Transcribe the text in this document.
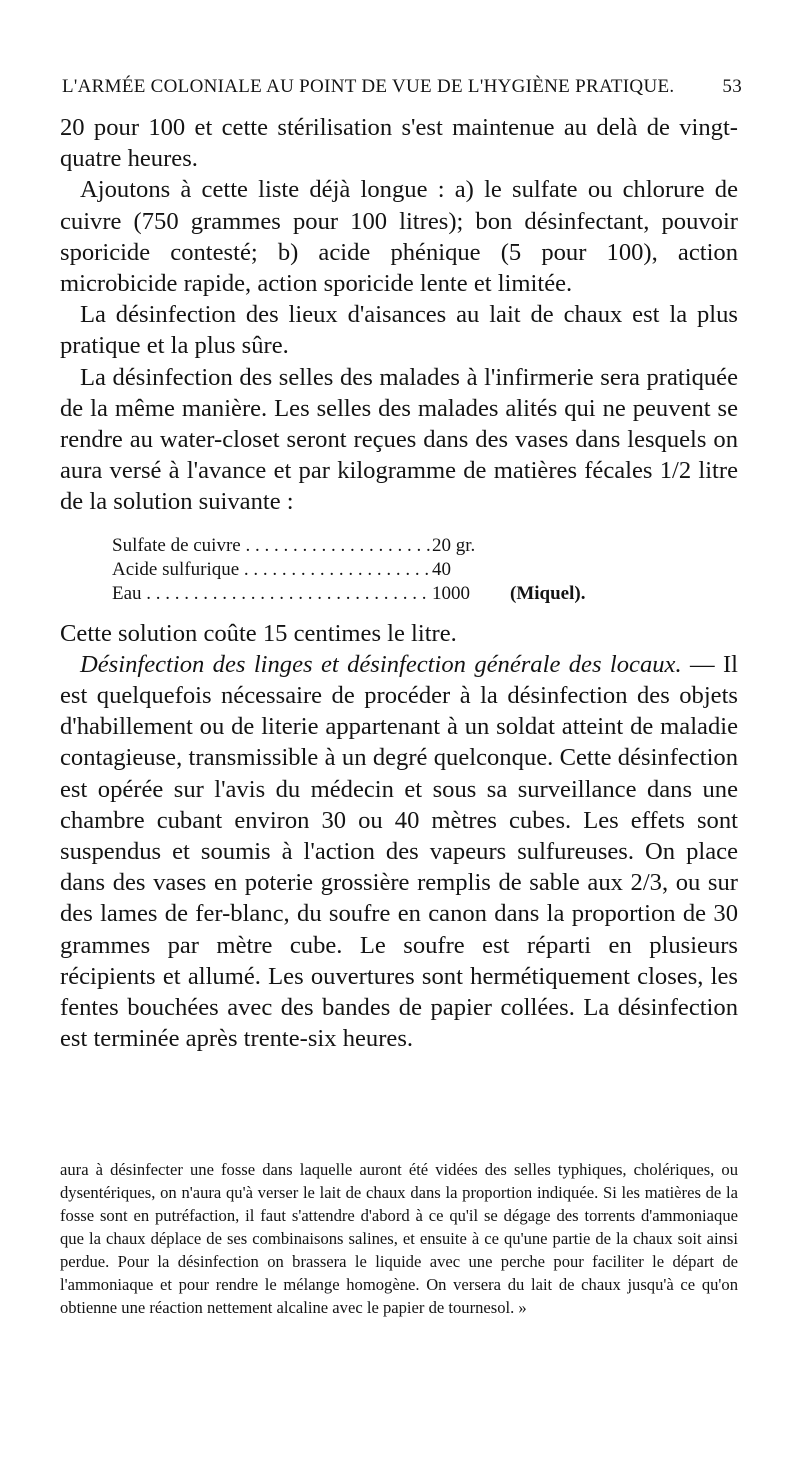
L'ARMÉE COLONIALE AU POINT DE VUE DE L'HYGIÈNE PRATIQUE.	53

20 pour 100 et cette stérilisation s'est maintenue au delà de vingt-quatre heures.

Ajoutons à cette liste déjà longue : a) le sulfate ou chlorure de cuivre (750 grammes pour 100 litres); bon désinfectant, pouvoir sporicide contesté; b) acide phénique (5 pour 100), action microbicide rapide, action sporicide lente et limitée.

La désinfection des lieux d'aisances au lait de chaux est la plus pratique et la plus sûre.

La désinfection des selles des malades à l'infirmerie sera pratiquée de la même manière. Les selles des malades alités qui ne peuvent se rendre au water-closet seront reçues dans des vases dans lesquels on aura versé à l'avance et par kilogramme de matières fécales 1/2 litre de la solution suivante :

Sulfate de cuivre . . .	20 gr.
Acide sulfurique . . .	40
Eau . . .	1000	(Miquel).

Cette solution coûte 15 centimes le litre.

Désinfection des linges et désinfection générale des locaux. — Il est quelquefois nécessaire de procéder à la désinfection des objets d'habillement ou de literie appartenant à un soldat atteint de maladie contagieuse, transmissible à un degré quelconque. Cette désinfection est opérée sur l'avis du médecin et sous sa surveillance dans une chambre cubant environ 30 ou 40 mètres cubes. Les effets sont suspendus et soumis à l'action des vapeurs sulfureuses. On place dans des vases en poterie grossière remplis de sable aux 2/3, ou sur des lames de fer-blanc, du soufre en canon dans la proportion de 30 grammes par mètre cube. Le soufre est réparti en plusieurs récipients et allumé. Les ouvertures sont hermétiquement closes, les fentes bouchées avec des bandes de papier collées. La désinfection est terminée après trente-six heures.

aura à désinfecter une fosse dans laquelle auront été vidées des selles typhiques, cholériques, ou dysentériques, on n'aura qu'à verser le lait de chaux dans la proportion indiquée. Si les matières de la fosse sont en putréfaction, il faut s'attendre d'abord à ce qu'il se dégage des torrents d'ammoniaque que la chaux déplace de ses combinaisons salines, et ensuite à ce qu'une partie de la chaux soit ainsi perdue. Pour la désinfection on brassera le liquide avec une perche pour faciliter le départ de l'ammoniaque et pour rendre le mélange homogène. On versera du lait de chaux jusqu'à ce qu'on obtienne une réaction nettement alcaline avec le papier de tournesol. »
